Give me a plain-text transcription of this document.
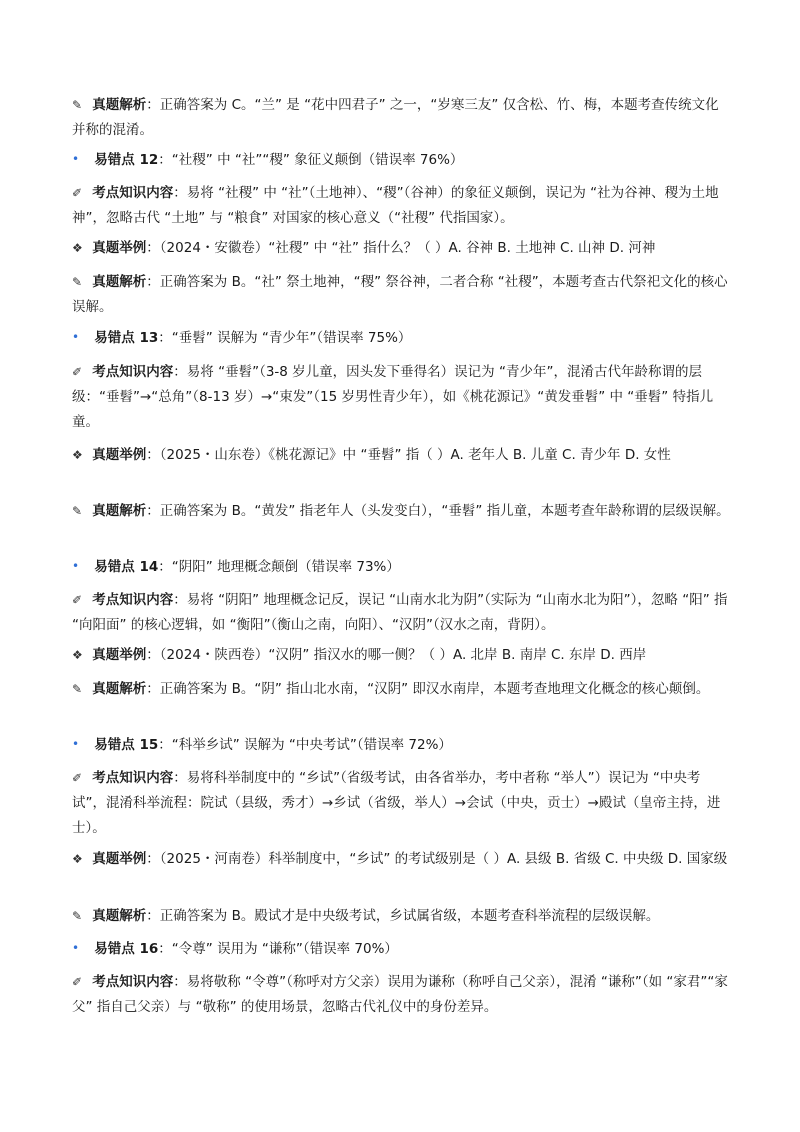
✎ 真题解析：正确答案为 C。“兰” 是 “花中四君子” 之一，“岁寒三友” 仅含松、竹、梅，本题考查传统文化并称的混淆。

• 易错点 12：“社稷” 中 “社”“稷” 象征义颠倒（错误率 76%）

✐ 考点知识内容：易将 “社稷” 中 “社”（土地神）、“稷”（谷神）的象征义颠倒，误记为 “社为谷神、稷为土地神”，忽略古代 “土地” 与 “粮食” 对国家的核心意义（“社稷” 代指国家）。

❖ 真题举例：（2024・安徽卷）“社稷” 中 “社” 指什么？（ ）A. 谷神 B. 土地神 C. 山神 D. 河神

✎ 真题解析：正确答案为 B。“社” 祭土地神，“稷” 祭谷神，二者合称 “社稷”，本题考查古代祭祀文化的核心误解。

• 易错点 13：“垂髫” 误解为 “青少年”（错误率 75%）

✐ 考点知识内容：易将 “垂髫”（3-8 岁儿童，因头发下垂得名）误记为 “青少年”，混淆古代年龄称谓的层级：“垂髫”→“总角”（8-13 岁）→“束发”（15 岁男性青少年），如《桃花源记》“黄发垂髫” 中 “垂髫” 特指儿童。

❖ 真题举例：（2025・山东卷）《桃花源记》中 “垂髫” 指（ ）A. 老年人 B. 儿童 C. 青少年 D. 女性

✎ 真题解析：正确答案为 B。“黄发” 指老年人（头发变白），“垂髫” 指儿童，本题考查年龄称谓的层级误解。

• 易错点 14：“阴阳” 地理概念颠倒（错误率 73%）

✐ 考点知识内容：易将 “阴阳” 地理概念记反，误记 “山南水北为阴”（实际为 “山南水北为阳”），忽略 “阳” 指 “向阳面” 的核心逻辑，如 “衡阳”（衡山之南，向阳）、“汉阴”（汉水之南，背阴）。

❖ 真题举例：（2024・陕西卷）“汉阴” 指汉水的哪一侧？（ ）A. 北岸 B. 南岸 C. 东岸 D. 西岸

✎ 真题解析：正确答案为 B。“阴” 指山北水南，“汉阴” 即汉水南岸，本题考查地理文化概念的核心颠倒。

• 易错点 15：“科举乡试” 误解为 “中央考试”（错误率 72%）

✐ 考点知识内容：易将科举制度中的 “乡试”（省级考试，由各省举办，考中者称 “举人”）误记为 “中央考试”，混淆科举流程：院试（县级，秀才）→乡试（省级，举人）→会试（中央，贡士）→殿试（皇帝主持，进士）。

❖ 真题举例：（2025・河南卷）科举制度中，“乡试” 的考试级别是（ ）A. 县级 B. 省级 C. 中央级 D. 国家级

✎ 真题解析：正确答案为 B。殿试才是中央级考试，乡试属省级，本题考查科举流程的层级误解。

• 易错点 16：“令尊” 误用为 “谦称”（错误率 70%）

✐ 考点知识内容：易将敬称 “令尊”（称呼对方父亲）误用为谦称（称呼自己父亲），混淆 “谦称”（如 “家君”“家父” 指自己父亲）与 “敬称” 的使用场景，忽略古代礼仪中的身份差异。
